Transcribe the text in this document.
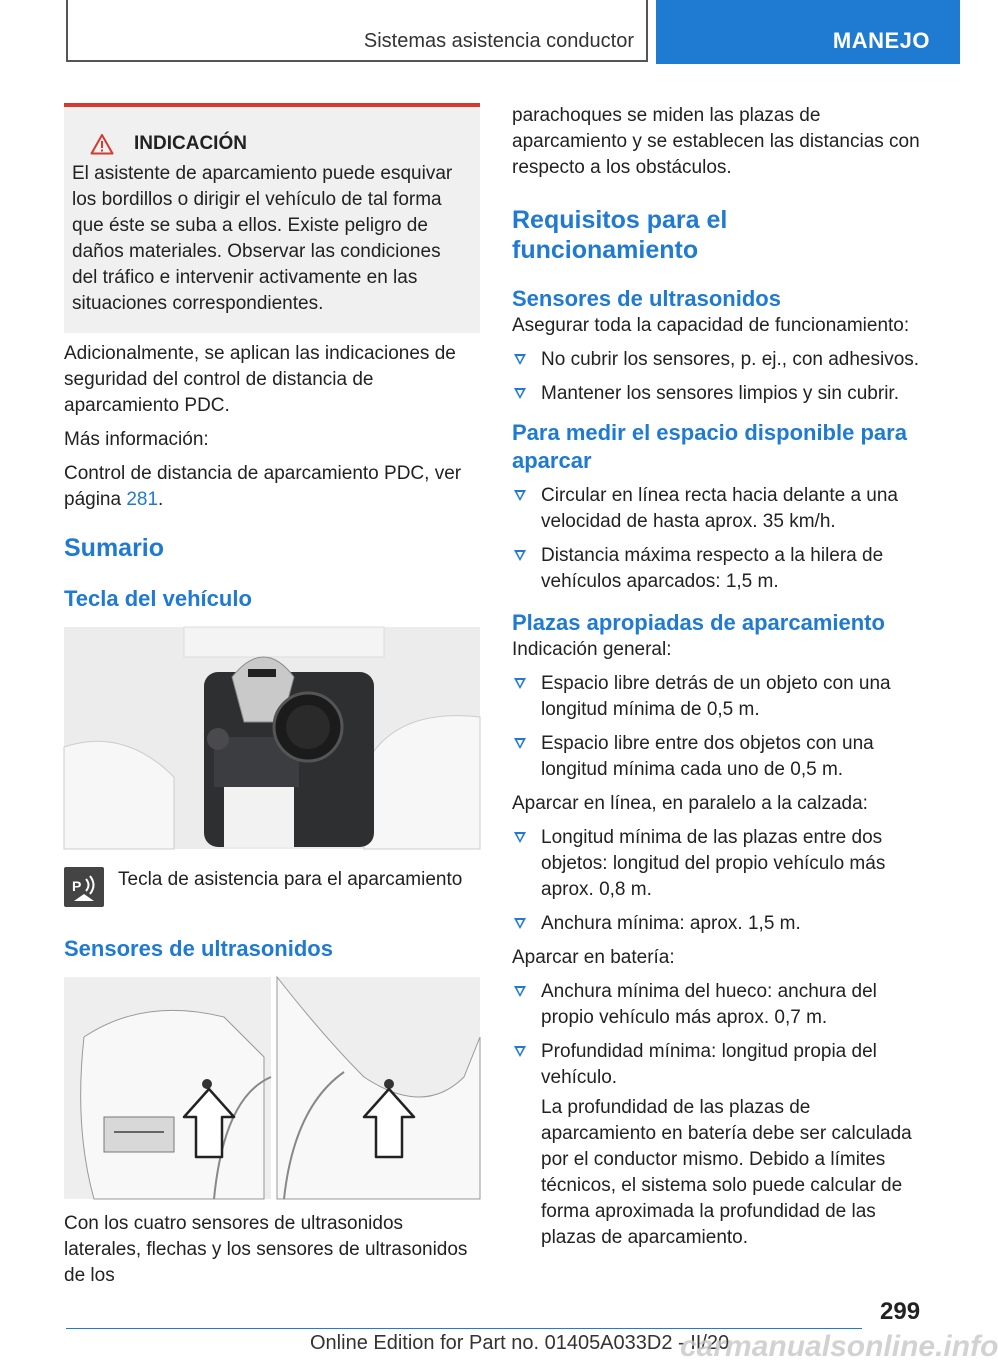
Sistemas asistencia conductor	MANEJO
INDICACIÓN

El asistente de aparcamiento puede esquivar los bordillos o dirigir el vehículo de tal forma que éste se suba a ellos. Existe peligro de daños materiales. Observar las condiciones del tráfico e intervenir activamente en las situaciones correspondientes.

Adicionalmente, se aplican las indicaciones de seguridad del control de distancia de aparcamiento PDC.

Más información:

Control de distancia de aparcamiento PDC, ver página 281.

Sumario
Tecla del vehículo
P Tecla de asistencia para el aparcamiento
Sensores de ultrasonidos

Con los cuatro sensores de ultrasonidos laterales, flechas y los sensores de ultrasonidos de los

parachoques se miden las plazas de aparcamiento y se establecen las distancias con respecto a los obstáculos.

Requisitos para el funcionamiento
Sensores de ultrasonidos

Asegurar toda la capacidad de funcionamiento:

No cubrir los sensores, p. ej., con adhesivos.
Mantener los sensores limpios y sin cubrir.
Para medir el espacio disponible para aparcar
Circular en línea recta hacia delante a una velocidad de hasta aprox. 35 km/h.
Distancia máxima respecto a la hilera de vehículos aparcados: 1,5 m.
Plazas apropiadas de aparcamiento

Indicación general:

Espacio libre detrás de un objeto con una longitud mínima de 0,5 m.
Espacio libre entre dos objetos con una longitud mínima cada uno de 0,5 m.

Aparcar en línea, en paralelo a la calzada:

Longitud mínima de las plazas entre dos objetos: longitud del propio vehículo más aprox. 0,8 m.
Anchura mínima: aprox. 1,5 m.

Aparcar en batería:

Anchura mínima del hueco: anchura del propio vehículo más aprox. 0,7 m.
Profundidad mínima: longitud propia del vehículo.

La profundidad de las plazas de aparcamiento en batería debe ser calculada por el conductor mismo. Debido a límites técnicos, el sistema solo puede calcular de forma aproximada la profundidad de las plazas de aparcamiento.

299
Online Edition for Part no. 01405A033D2 - II/20
carmanualsonline.info
